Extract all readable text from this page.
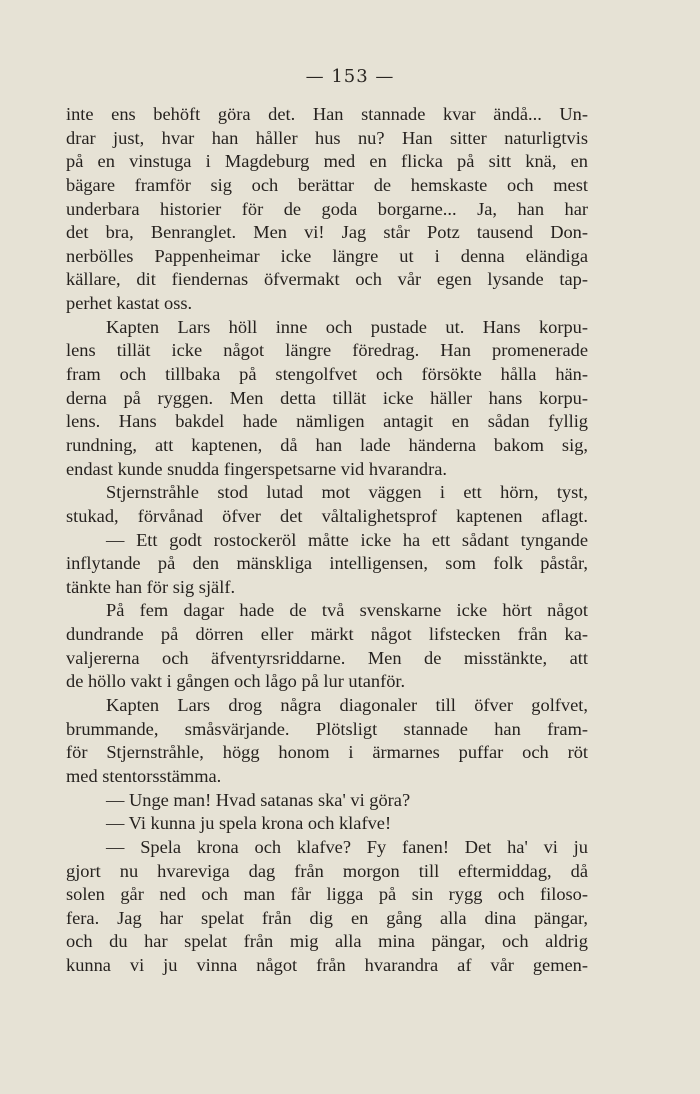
— 153 —
inte ens behöft göra det. Han stannade kvar ändå... Un-
drar just, hvar han håller hus nu? Han sitter naturligtvis
på en vinstuga i Magdeburg med en flicka på sitt knä, en
bägare framför sig och berättar de hemskaste och mest
underbara historier för de goda borgarne... Ja, han har
det bra, Benranglet. Men vi! Jag står Potz tausend Don-
nerbölles Pappenheimar icke längre ut i denna eländiga
källare, dit fiendernas öfvermakt och vår egen lysande tap-
perhet kastat oss.
Kapten Lars höll inne och pustade ut. Hans korpu-
lens tillät icke något längre föredrag. Han promenerade
fram och tillbaka på stengolfvet och försökte hålla hän-
derna på ryggen. Men detta tillät icke häller hans korpu-
lens. Hans bakdel hade nämligen antagit en sådan fyllig
rundning, att kaptenen, då han lade händerna bakom sig,
endast kunde snudda fingerspetsarne vid hvarandra.
Stjernstråhle stod lutad mot väggen i ett hörn, tyst,
stukad, förvånad öfver det våltalighetsprof kaptenen aflagt.
— Ett godt rostockeröl måtte icke ha ett sådant tyngande
inflytande på den mänskliga intelligensen, som folk påstår,
tänkte han för sig själf.
På fem dagar hade de två svenskarne icke hört något
dundrande på dörren eller märkt något lifstecken från ka-
valjererna och äfventyrsriddarne. Men de misstänkte, att
de höllo vakt i gången och lågo på lur utanför.
Kapten Lars drog några diagonaler till öfver golfvet,
brummande, småsvärjande. Plötsligt stannade han fram-
för Stjernstråhle, högg honom i ärmarnes puffar och röt
med stentorsstämma.
— Unge man! Hvad satanas ska' vi göra?
— Vi kunna ju spela krona och klafve!
— Spela krona och klafve? Fy fanen! Det ha' vi ju
gjort nu hvareviga dag från morgon till eftermiddag, då
solen går ned och man får ligga på sin rygg och filoso-
fera. Jag har spelat från dig en gång alla dina pängar,
och du har spelat från mig alla mina pängar, och aldrig
kunna vi ju vinna något från hvarandra af vår gemen-
